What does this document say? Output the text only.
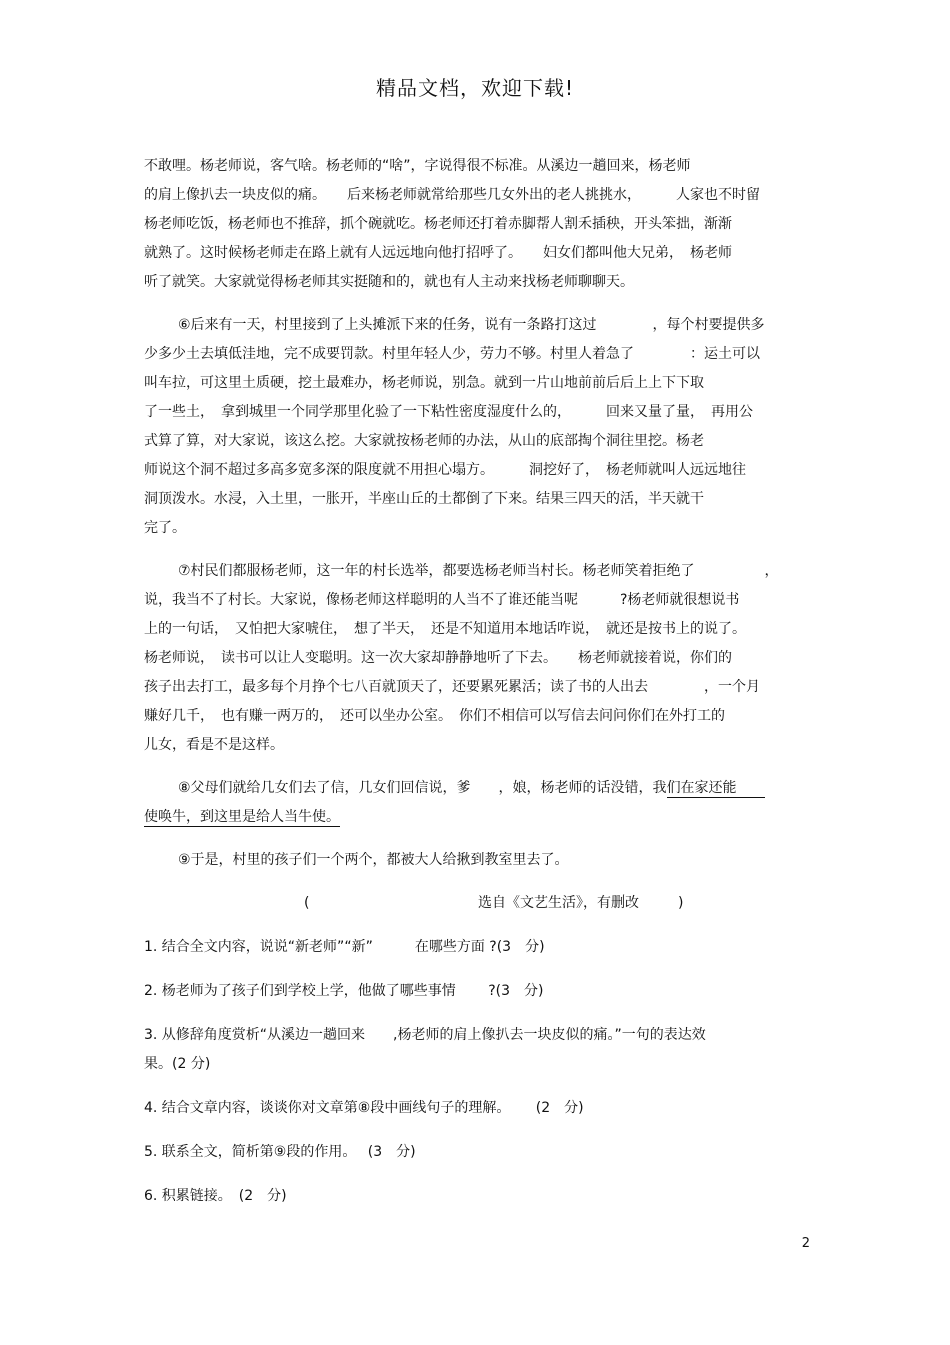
精品文档，欢迎下载!
不敢哩。杨老师说，客气啥。杨老师的“啥”，字说得很不标准。从溪边一趟回来，杨老师
的肩上像扒去一块皮似的痛。　　后来杨老师就常给那些几女外出的老人挑挑水，　　　人家也不时留
杨老师吃饭，杨老师也不推辞，抓个碗就吃。杨老师还打着赤脚帮人割禾插秧，开头笨拙，渐渐
就熟了。这时候杨老师走在路上就有人远远地向他打招呼了。　　妇女们都叫他大兄弟，　杨老师
听了就笑。大家就觉得杨老师其实挺随和的，就也有人主动来找杨老师聊聊天。
⑥后来有一天，村里接到了上头摊派下来的任务，说有一条路打这过　　　　，每个村要提供多
少多少土去填低洼地，完不成要罚款。村里年轻人少，劳力不够。村里人着急了　　　　：运土可以
叫车拉，可这里土质硬，挖土最难办，杨老师说，别急。就到一片山地前前后后上上下下取
了一些土，　拿到城里一个同学那里化验了一下粘性密度湿度什么的，　　　回来又量了量，　再用公
式算了算，对大家说，该这么挖。大家就按杨老师的办法，从山的底部掏个洞往里挖。杨老
师说这个洞不超过多高多宽多深的限度就不用担心塌方。　　　洞挖好了，　杨老师就叫人远远地往
洞顶泼水。水浸，入土里，一胀开，半座山丘的土都倒了下来。结果三四天的活，半天就干
完了。
⑦村民们都服杨老师，这一年的村长选举，都要选杨老师当村长。杨老师笑着拒绝了　　　　　，
说，我当不了村长。大家说，像杨老师这样聪明的人当不了谁还能当呢　　　?杨老师就很想说书
上的一句话，　又怕把大家唬住，　想了半天，　还是不知道用本地话咋说，　就还是按书上的说了。
杨老师说，　读书可以让人变聪明。这一次大家却静静地听了下去。　　杨老师就接着说，你们的
孩子出去打工，最多每个月挣个七八百就顶天了，还要累死累活；读了书的人出去　　　　，一个月
赚好几千，　也有赚一两万的，　还可以坐办公室。　你们不相信可以写信去问问你们在外打工的
儿女，看是不是这样。
⑧父母们就给几女们去了信，几女们回信说，爹　　，娘，杨老师的话没错，我们在家还能　　
使唤牛，到这里是给人当牛使。
⑨于是，村里的孩子们一个两个，都被大人给揪到教室里去了。
(	选自《文艺生活》，有删改	)
1. 结合全文内容，说说“新老师”“新”　　　在哪些方面 ?(3　分)
2. 杨老师为了孩子们到学校上学，他做了哪些事情　　 ?(3　分)
3. 从修辞角度赏析“从溪边一趟回来　　,杨老师的肩上像扒去一块皮似的痛。”一句的表达效
果。(2 分)
4. 结合文章内容，谈谈你对文章第⑧段中画线句子的理解。　　 (2　分)
5. 联系全文，简析第⑨段的作用。　 (3　分)
6. 积累链接。　(2　分)
2
